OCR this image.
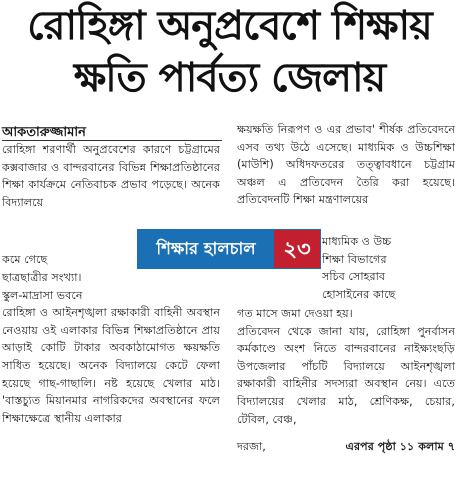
রোহিঙ্গা অনুপ্রবেশে শিক্ষায়
ক্ষতি পার্বত্য জেলায়
আকতারুজ্জামান

রোহিঙ্গা শরণার্থী অনুপ্রবেশের কারণে চট্টগ্রামের কক্সবাজার ও বান্দরবানের বিভিন্ন শিক্ষাপ্রতিষ্ঠানের শিক্ষা কার্যক্রমে নেতিবাচক প্রভাব পড়েছে। অনেক বিদ্যালয়ে

কমে গেছে

ছাত্রছাত্রীর সংখ্যা।

স্কুল-মাদ্রাসা ভবনে

রোহিঙ্গা ও আইনশৃঙ্খলা রক্ষাকারী বাহিনী অবস্থান নেওয়ায় ওই এলাকার বিভিন্ন শিক্ষাপ্রতিষ্ঠানে প্রায় আড়াই কোটি টাকার অবকাঠামোগত ক্ষয়ক্ষতি সাধিত হয়েছে। অনেক বিদ্যালয়ে কেটে ফেলা হয়েছে গাছ-গাছালি। নষ্ট হয়েছে খেলার মাঠ। 'বাস্তচ্যুত মিয়ানমার নাগরিকদের অবস্থানের ফলে শিক্ষাক্ষেত্রে স্থানীয় এলাকার

শিক্ষার হালচাল	২৩

ক্ষয়ক্ষতি নিরূপণ ও এর প্রভাব' শীর্ষক প্রতিবেদনে এসব তথ্য উঠে এসেছে। মাধ্যমিক ও উচ্চশিক্ষা (মাউশি) অধিদফতরের তত্ত্বাবধানে চট্টগ্রাম অঞ্চল এ প্রতিবেদন তৈরি করা হয়েছে। প্রতিবেদনটি শিক্ষা মন্ত্রণালয়ের

মাধ্যমিক ও উচ্চ

শিক্ষা বিভাগের

সচিব সোহরাব

হোসাইনের কাছে

গত মাসে জমা দেওয়া হয়।

প্রতিবেদন থেকে জানা যায়, রোহিঙ্গা পুনর্বাসন কর্মকাণ্ডে অংশ নিতে বান্দরবানের নাইক্ষ্যংছড়ি উপজেলার পাঁচটি বিদ্যালয়ে আইনশৃঙ্খলা রক্ষাকারী বাহিনীর সদস্যরা অবস্থান নেয়। এতে বিদ্যালয়ের খেলার মাঠ, শ্রেণিকক্ষ, চেয়ার, টেবিল, বেঞ্চ,

দরজা,	এরপর পৃষ্ঠা ১১ কলাম ৭
